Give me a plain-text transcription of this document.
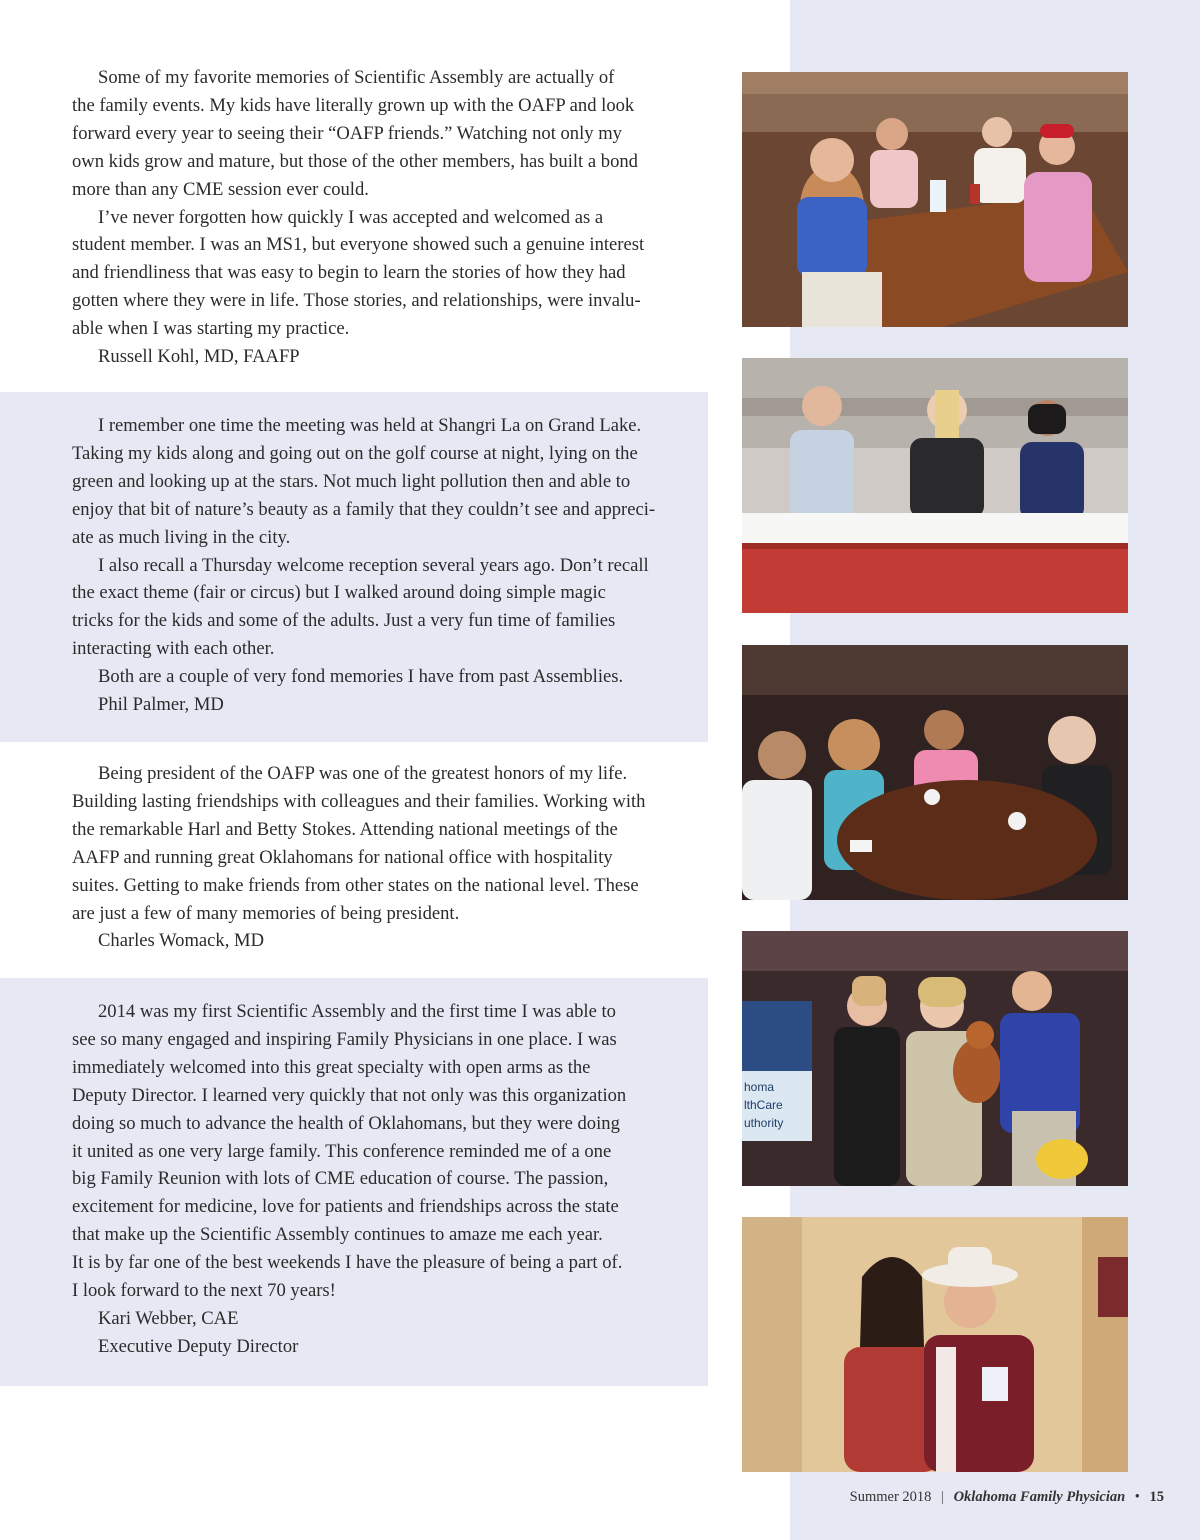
Some of my favorite memories of Scientific Assembly are actually of

the family events. My kids have literally grown up with the OAFP and look

forward every year to seeing their “OAFP friends.” Watching not only my

own kids grow and mature, but those of the other members, has built a bond

more than any CME session ever could.

I’ve never forgotten how quickly I was accepted and welcomed as a

student member. I was an MS1, but everyone showed such a genuine interest

and friendliness that was easy to begin to learn the stories of how they had

gotten where they were in life. Those stories, and relationships, were invalu-

able when I was starting my practice.

Russell Kohl, MD, FAAFP

I remember one time the meeting was held at Shangri La on Grand Lake.

Taking my kids along and going out on the golf course at night, lying on the

green and looking up at the stars. Not much light pollution then and able to

enjoy that bit of nature’s beauty as a family that they couldn’t see and appreci-

ate as much living in the city.

I also recall a Thursday welcome reception several years ago. Don’t recall

the exact theme (fair or circus) but I walked around doing simple magic

tricks for the kids and some of the adults. Just a very fun time of families

interacting with each other.

Both are a couple of very fond memories I have from past Assemblies.

Phil Palmer, MD

Being president of the OAFP was one of the greatest honors of my life.

Building lasting friendships with colleagues and their families. Working with

the remarkable Harl and Betty Stokes. Attending national meetings of the

AAFP and running great Oklahomans for national office with hospitality

suites. Getting to make friends from other states on the national level. These

are just a few of many memories of being president.

Charles Womack, MD

2014 was my first Scientific Assembly and the first time I was able to

see so many engaged and inspiring Family Physicians in one place. I was

immediately welcomed into this great specialty with open arms as the

Deputy Director. I learned very quickly that not only was this organization

doing so much to advance the health of Oklahomans, but they were doing

it united as one very large family. This conference reminded me of a one

big Family Reunion with lots of CME education of course. The passion,

excitement for medicine, love for patients and friendships across the state

that make up the Scientific Assembly continues to amaze me each year.

It is by far one of the best weekends I have the pleasure of being a part of.

I look forward to the next 70 years!

Kari Webber, CAE

Executive Deputy Director

homa
lthCare
uthority
Summer 2018 | Oklahoma Family Physician • 15
